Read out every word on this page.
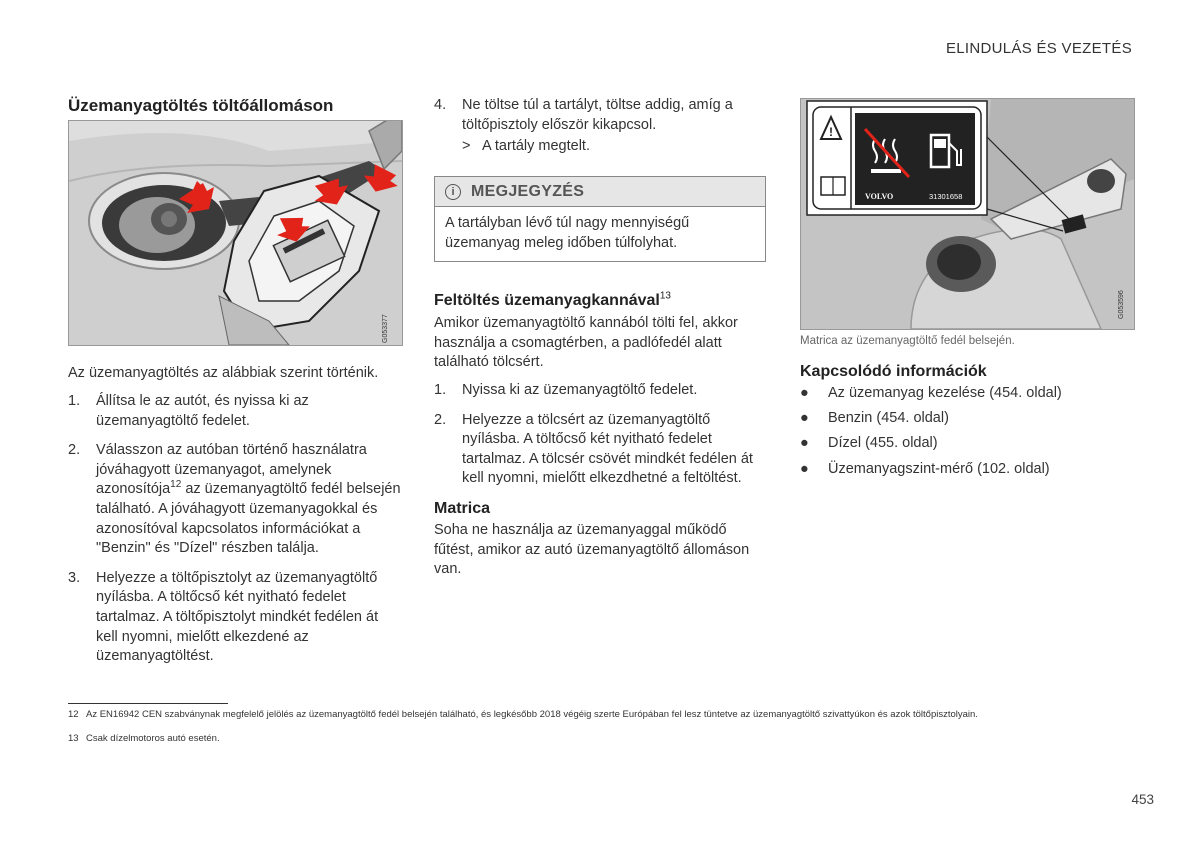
ELINDULÁS ÉS VEZETÉS
Üzemanyagtöltés töltőállomáson
G053377
Az üzemanyagtöltés az alábbiak szerint történik.
1.	Állítsa le az autót, és nyissa ki az üzemanyagtöltő fedelet.
2.	Válasszon az autóban történő használatra jóváhagyott üzemanyagot, amelynek azonosítója$^{12}$ az üzemanyagtöltő fedél belsején található. A jóváhagyott üzemanyagokkal és azonosítóval kapcsolatos információkat a "Benzin" és "Dízel" részben találja.
3.	Helyezze a töltőpisztolyt az üzemanyagtöltő nyílásba. A töltőcső két nyitható fedelet tartalmaz. A töltőpisztolyt mindkét fedélen át kell nyomni, mielőtt elkezdené az üzemanyagtöltést.
4.	Ne töltse túl a tartályt, töltse addig, amíg a töltőpisztoly először kikapcsol.
> A tartály megtelt.
i	MEGJEGYZÉS
A tartályban lévő túl nagy mennyiségű üzemanyag meleg időben túlfolyhat.
Feltöltés üzemanyagkannával$^{13}$
Amikor üzemanyagtöltő kannából tölti fel, akkor használja a csomagtérben, a padlófedél alatt található tölcsért.
1.	Nyissa ki az üzemanyagtöltő fedelet.
2.	Helyezze a tölcsért az üzemanyagtöltő nyílásba. A töltőcső két nyitható fedelet tartalmaz. A tölcsér csövét mindkét fedélen át kell nyomni, mielőtt elkezdhetné a feltöltést.
Matrica
Soha ne használja az üzemanyaggal működő fűtést, amikor az autó üzemanyagtöltő állomáson van.
!
VOLVO	31301658
G053596
Matrica az üzemanyagtöltő fedél belsején.
Kapcsolódó információk
●	Az üzemanyag kezelése (454. oldal)
●	Benzin (454. oldal)
●	Dízel (455. oldal)
●	Üzemanyagszint-mérő (102. oldal)
12 Az EN16942 CEN szabványnak megfelelő jelölés az üzemanyagtöltő fedél belsején található, és legkésőbb 2018 végéig szerte Európában fel lesz tüntetve az üzemanyagtöltő szivattyúkon és azok töltőpisztolyain.
13 Csak dízelmotoros autó esetén.
453
